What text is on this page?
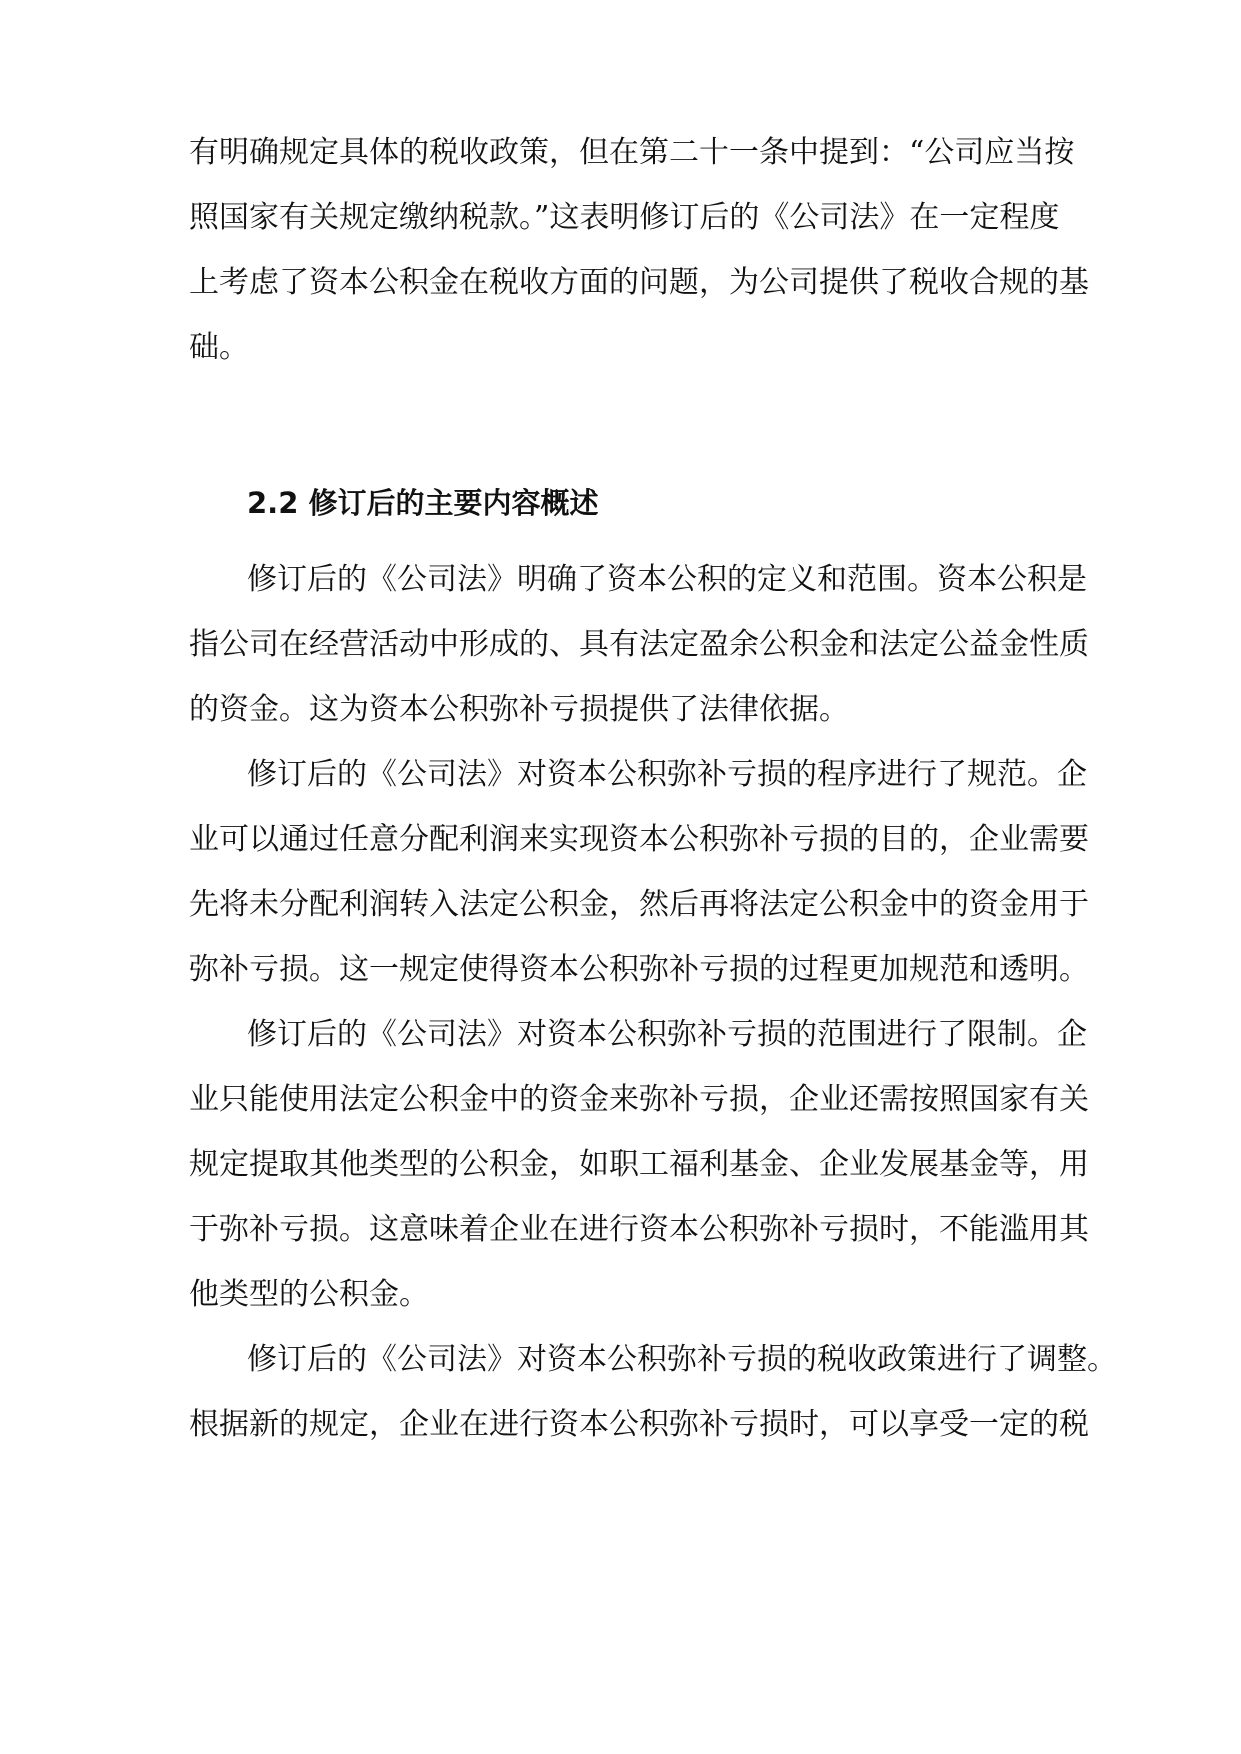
有明确规定具体的税收政策，但在第二十一条中提到：“公司应当按
照国家有关规定缴纳税款。”这表明修订后的《公司法》在一定程度
上考虑了资本公积金在税收方面的问题，为公司提供了税收合规的基
础。
2.2 修订后的主要内容概述
修订后的《公司法》明确了资本公积的定义和范围。资本公积是
指公司在经营活动中形成的、具有法定盈余公积金和法定公益金性质
的资金。这为资本公积弥补亏损提供了法律依据。
修订后的《公司法》对资本公积弥补亏损的程序进行了规范。企
业可以通过任意分配利润来实现资本公积弥补亏损的目的，企业需要
先将未分配利润转入法定公积金，然后再将法定公积金中的资金用于
弥补亏损。这一规定使得资本公积弥补亏损的过程更加规范和透明。
修订后的《公司法》对资本公积弥补亏损的范围进行了限制。企
业只能使用法定公积金中的资金来弥补亏损，企业还需按照国家有关
规定提取其他类型的公积金，如职工福利基金、企业发展基金等，用
于弥补亏损。这意味着企业在进行资本公积弥补亏损时，不能滥用其
他类型的公积金。
修订后的《公司法》对资本公积弥补亏损的税收政策进行了调整。
根据新的规定，企业在进行资本公积弥补亏损时，可以享受一定的税
